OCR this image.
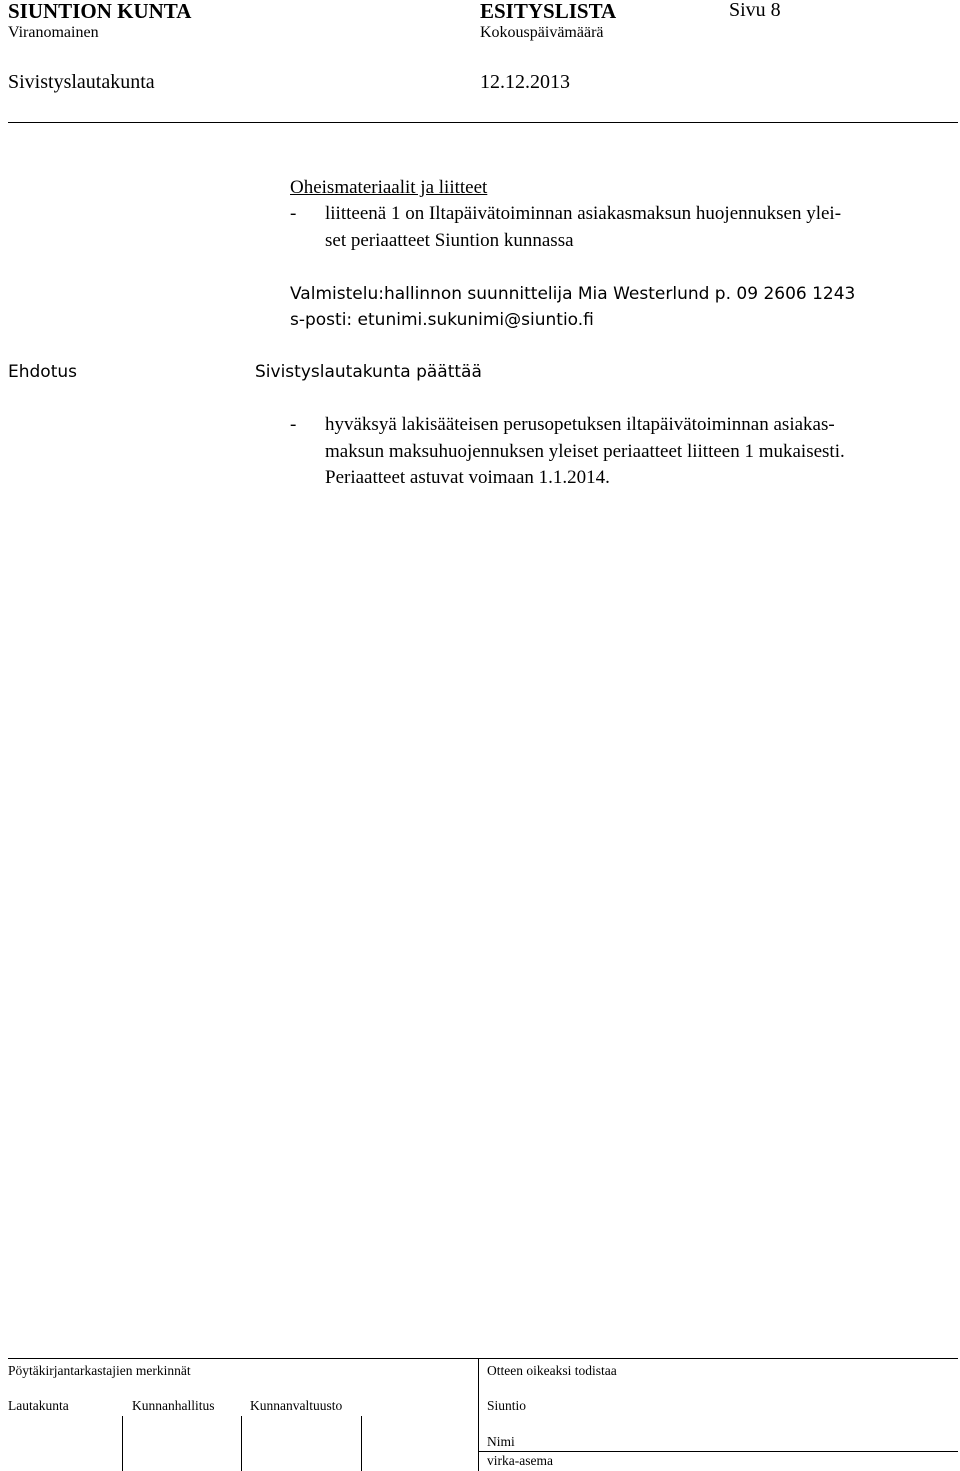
SIUNTION KUNTA	ESITYSLISTA	Sivu 8
Viranomainen	Kokouspäivämäärä
Sivistyslautakunta	12.12.2013
Oheismateriaalit ja liitteet
- liitteenä 1 on Iltapäivätoiminnan asiakasmaksun huojennuksen ylei-
set periaatteet Siuntion kunnassa
Valmistelu:hallinnon suunnittelija Mia Westerlund p. 09 2606 1243
s-posti: etunimi.sukunimi@siuntio.fi
Ehdotus	Sivistyslautakunta päättää
- hyväksyä lakisääteisen perusopetuksen iltapäivätoiminnan asiakas-
maksun maksuhuojennuksen yleiset periaatteet liitteen 1 mukaisesti.
Periaatteet astuvat voimaan 1.1.2014.
Pöytäkirjantarkastajien merkinnät	Otteen oikeaksi todistaa
Lautakunta	Kunnanhallitus	Kunnanvaltuusto	Siuntio
Nimi
virka-asema
